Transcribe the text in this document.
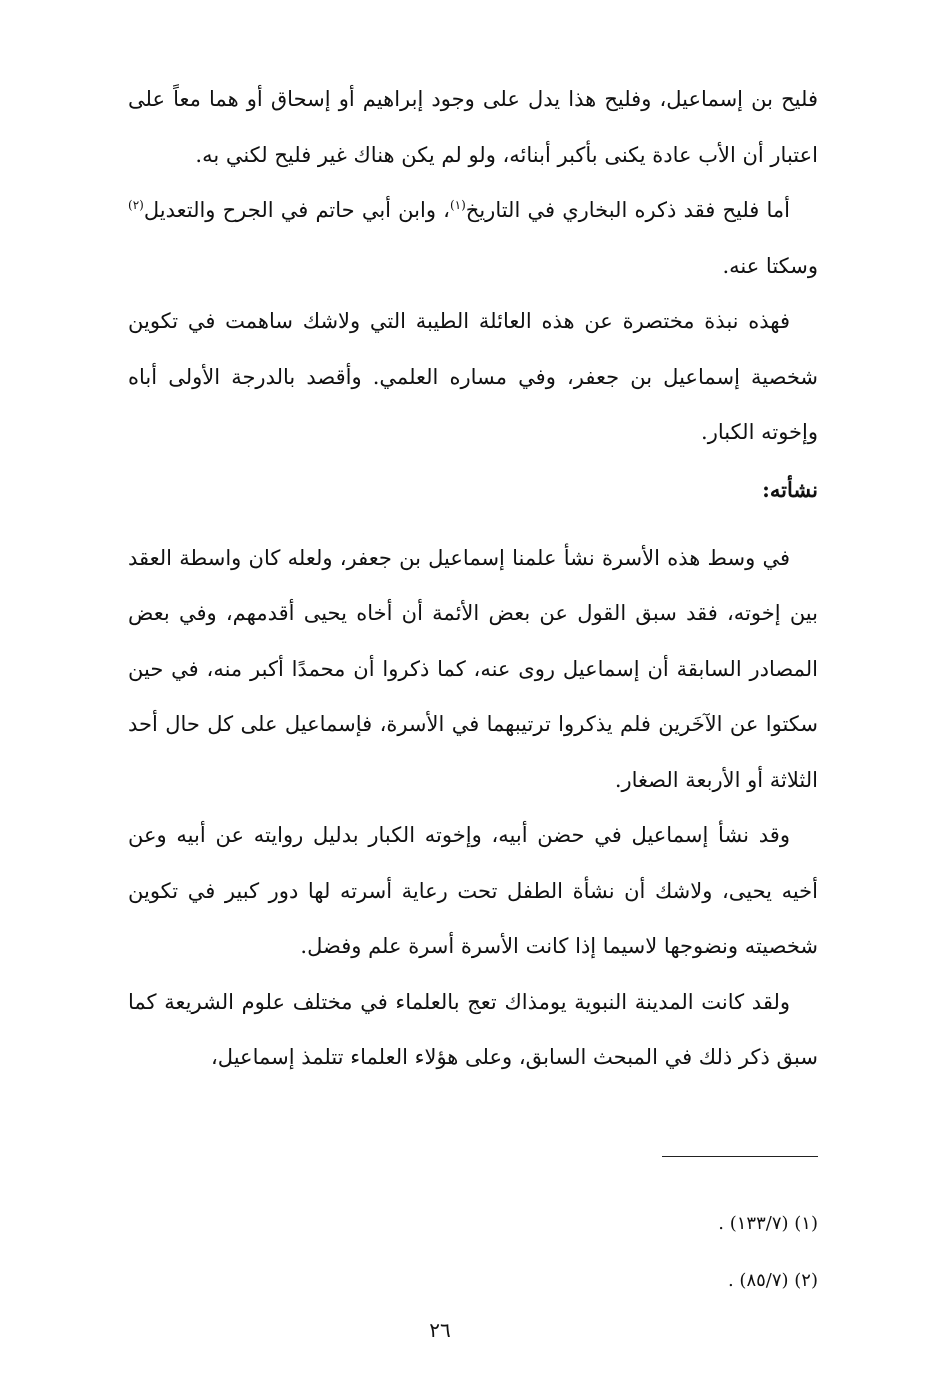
فليح بن إسماعيل، وفليح هذا يدل على وجود إبراهيم أو إسحاق أو هما معاً على اعتبار أن الأب عادة يكنى بأكبر أبنائه، ولو لم يكن هناك غير فليح لكني به.

أما فليح فقد ذكره البخاري في التاريخ$^{(١)}$، وابن أبي حاتم في الجرح والتعديل$^{(٢)}$ وسكتا عنه.

فهذه نبذة مختصرة عن هذه العائلة الطيبة التي ولاشك ساهمت في تكوين شخصية إسماعيل بن جعفر، وفي مساره العلمي. وأقصد بالدرجة الأولى أباه وإخوته الكبار.

نشأته:

في وسط هذه الأسرة نشأ علمنا إسماعيل بن جعفر، ولعله كان واسطة العقد بين إخوته، فقد سبق القول عن بعض الأئمة أن أخاه يحيى أقدمهم، وفي بعض المصادر السابقة أن إسماعيل روى عنه، كما ذكروا أن محمدًا أكبر منه، في حين سكتوا عن الآخَرين فلم يذكروا ترتيبهما في الأسرة، فإسماعيل على كل حال أحد الثلاثة أو الأربعة الصغار.

وقد نشأ إسماعيل في حضن أبيه، وإخوته الكبار بدليل روايته عن أبيه وعن أخيه يحيى، ولاشك أن نشأة الطفل تحت رعاية أسرته لها دور كبير في تكوين شخصيته ونضوجها لاسيما إذا كانت الأسرة أسرة علم وفضل.

ولقد كانت المدينة النبوية يومذاك تعج بالعلماء في مختلف علوم الشريعة كما سبق ذكر ذلك في المبحث السابق، وعلى هؤلاء العلماء تتلمذ إسماعيل،

(١) (١٣٣/٧) .

(٢) (٨٥/٧) .

٢٦
